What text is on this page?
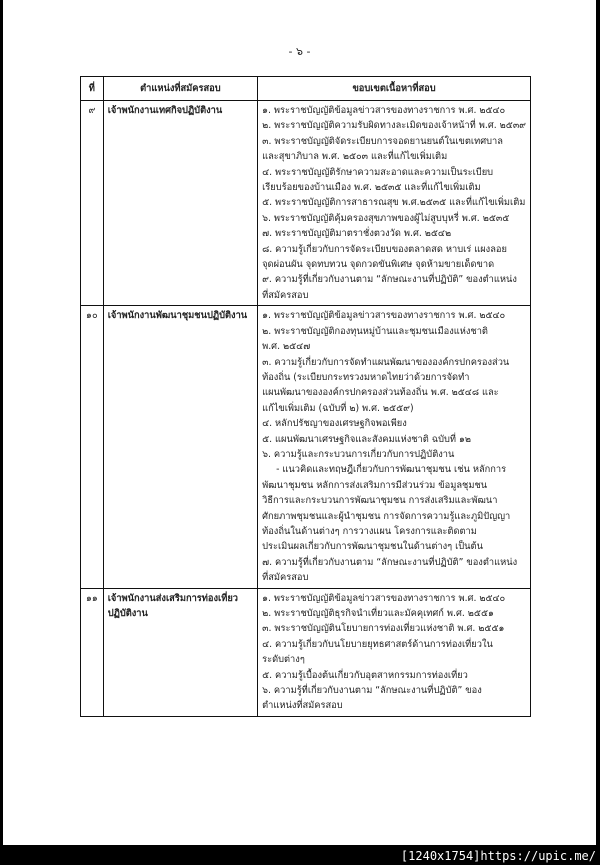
- ๖ -
ที่	ตำแหน่งที่สมัครสอบ	ขอบเขตเนื้อหาที่สอบ
๙	เจ้าพนักงานเทศกิจปฏิบัติงาน	๑. พระราชบัญญัติข้อมูลข่าวสารของทางราชการ พ.ศ. ๒๕๔๐
๒. พระราชบัญญัติความรับผิดทางละเมิดของเจ้าหน้าที่ พ.ศ. ๒๕๓๙
๓. พระราชบัญญัติจัดระเบียบการจอดยานยนต์ในเขตเทศบาล
และสุขาภิบาล พ.ศ. ๒๕๐๓ และที่แก้ไขเพิ่มเติม
๔. พระราชบัญญัติรักษาความสะอาดและความเป็นระเบียบ
เรียบร้อยของบ้านเมือง พ.ศ. ๒๕๓๕ และที่แก้ไขเพิ่มเติม
๕. พระราชบัญญัติการสาธารณสุข พ.ศ.๒๕๓๕ และที่แก้ไขเพิ่มเติม
๖. พระราชบัญญัติคุ้มครองสุขภาพของผู้ไม่สูบบุหรี่ พ.ศ. ๒๕๓๕
๗. พระราชบัญญัติมาตราชั่งตวงวัด พ.ศ. ๒๕๔๒
๘. ความรู้เกี่ยวกับการจัดระเบียบของตลาดสด หาบเร่ แผงลอย
จุดผ่อนผัน จุดทบทวน จุดกวดขันพิเศษ จุดห้ามขายเด็ดขาด
๙. ความรู้ที่เกี่ยวกับงานตาม “ลักษณะงานที่ปฏิบัติ” ของตำแหน่ง
ที่สมัครสอบ

๑๐	เจ้าพนักงานพัฒนาชุมชนปฏิบัติงาน	๑. พระราชบัญญัติข้อมูลข่าวสารของทางราชการ พ.ศ. ๒๕๔๐
๒. พระราชบัญญัติกองทุนหมู่บ้านและชุมชนเมืองแห่งชาติ
พ.ศ. ๒๕๔๗
๓. ความรู้เกี่ยวกับการจัดทำแผนพัฒนาขององค์กรปกครองส่วน
ท้องถิ่น (ระเบียบกระทรวงมหาดไทยว่าด้วยการจัดทำ
แผนพัฒนาขององค์กรปกครองส่วนท้องถิ่น พ.ศ. ๒๕๔๘ และ
แก้ไขเพิ่มเติม (ฉบับที่ ๒) พ.ศ. ๒๕๕๙)
๔. หลักปรัชญาของเศรษฐกิจพอเพียง
๕. แผนพัฒนาเศรษฐกิจและสังคมแห่งชาติ ฉบับที่ ๑๒
๖. ความรู้และกระบวนการเกี่ยวกับการปฏิบัติงาน
- แนวคิดและทฤษฎีเกี่ยวกับการพัฒนาชุมชน เช่น หลักการ
พัฒนาชุมชน หลักการส่งเสริมการมีส่วนร่วม ข้อมูลชุมชน
วิธีการและกระบวนการพัฒนาชุมชน การส่งเสริมและพัฒนา
ศักยภาพชุมชนและผู้นำชุมชน การจัดการความรู้และภูมิปัญญา
ท้องถิ่นในด้านต่างๆ การวางแผน โครงการและติดตาม
ประเมินผลเกี่ยวกับการพัฒนาชุมชนในด้านต่างๆ เป็นต้น
๗. ความรู้ที่เกี่ยวกับงานตาม “ลักษณะงานที่ปฏิบัติ” ของตำแหน่ง
ที่สมัครสอบ

๑๑	เจ้าพนักงานส่งเสริมการท่องเที่ยวปฏิบัติงาน	
๑. พระราชบัญญัติข้อมูลข่าวสารของทางราชการ พ.ศ. ๒๕๔๐
๒. พระราชบัญญัติธุรกิจนำเที่ยวและมัคคุเทศก์ พ.ศ. ๒๕๕๑
๓. พระราชบัญญัตินโยบายการท่องเที่ยวแห่งชาติ พ.ศ. ๒๕๕๑
๔. ความรู้เกี่ยวกับนโยบายยุทธศาสตร์ด้านการท่องเที่ยวใน
ระดับต่างๆ
๕. ความรู้เบื้องต้นเกี่ยวกับอุตสาหกรรมการท่องเที่ยว
๖. ความรู้ที่เกี่ยวกับงานตาม “ลักษณะงานที่ปฏิบัติ” ของ
ตำแหน่งที่สมัครสอบ
[1240x1754]https://upic.me/
